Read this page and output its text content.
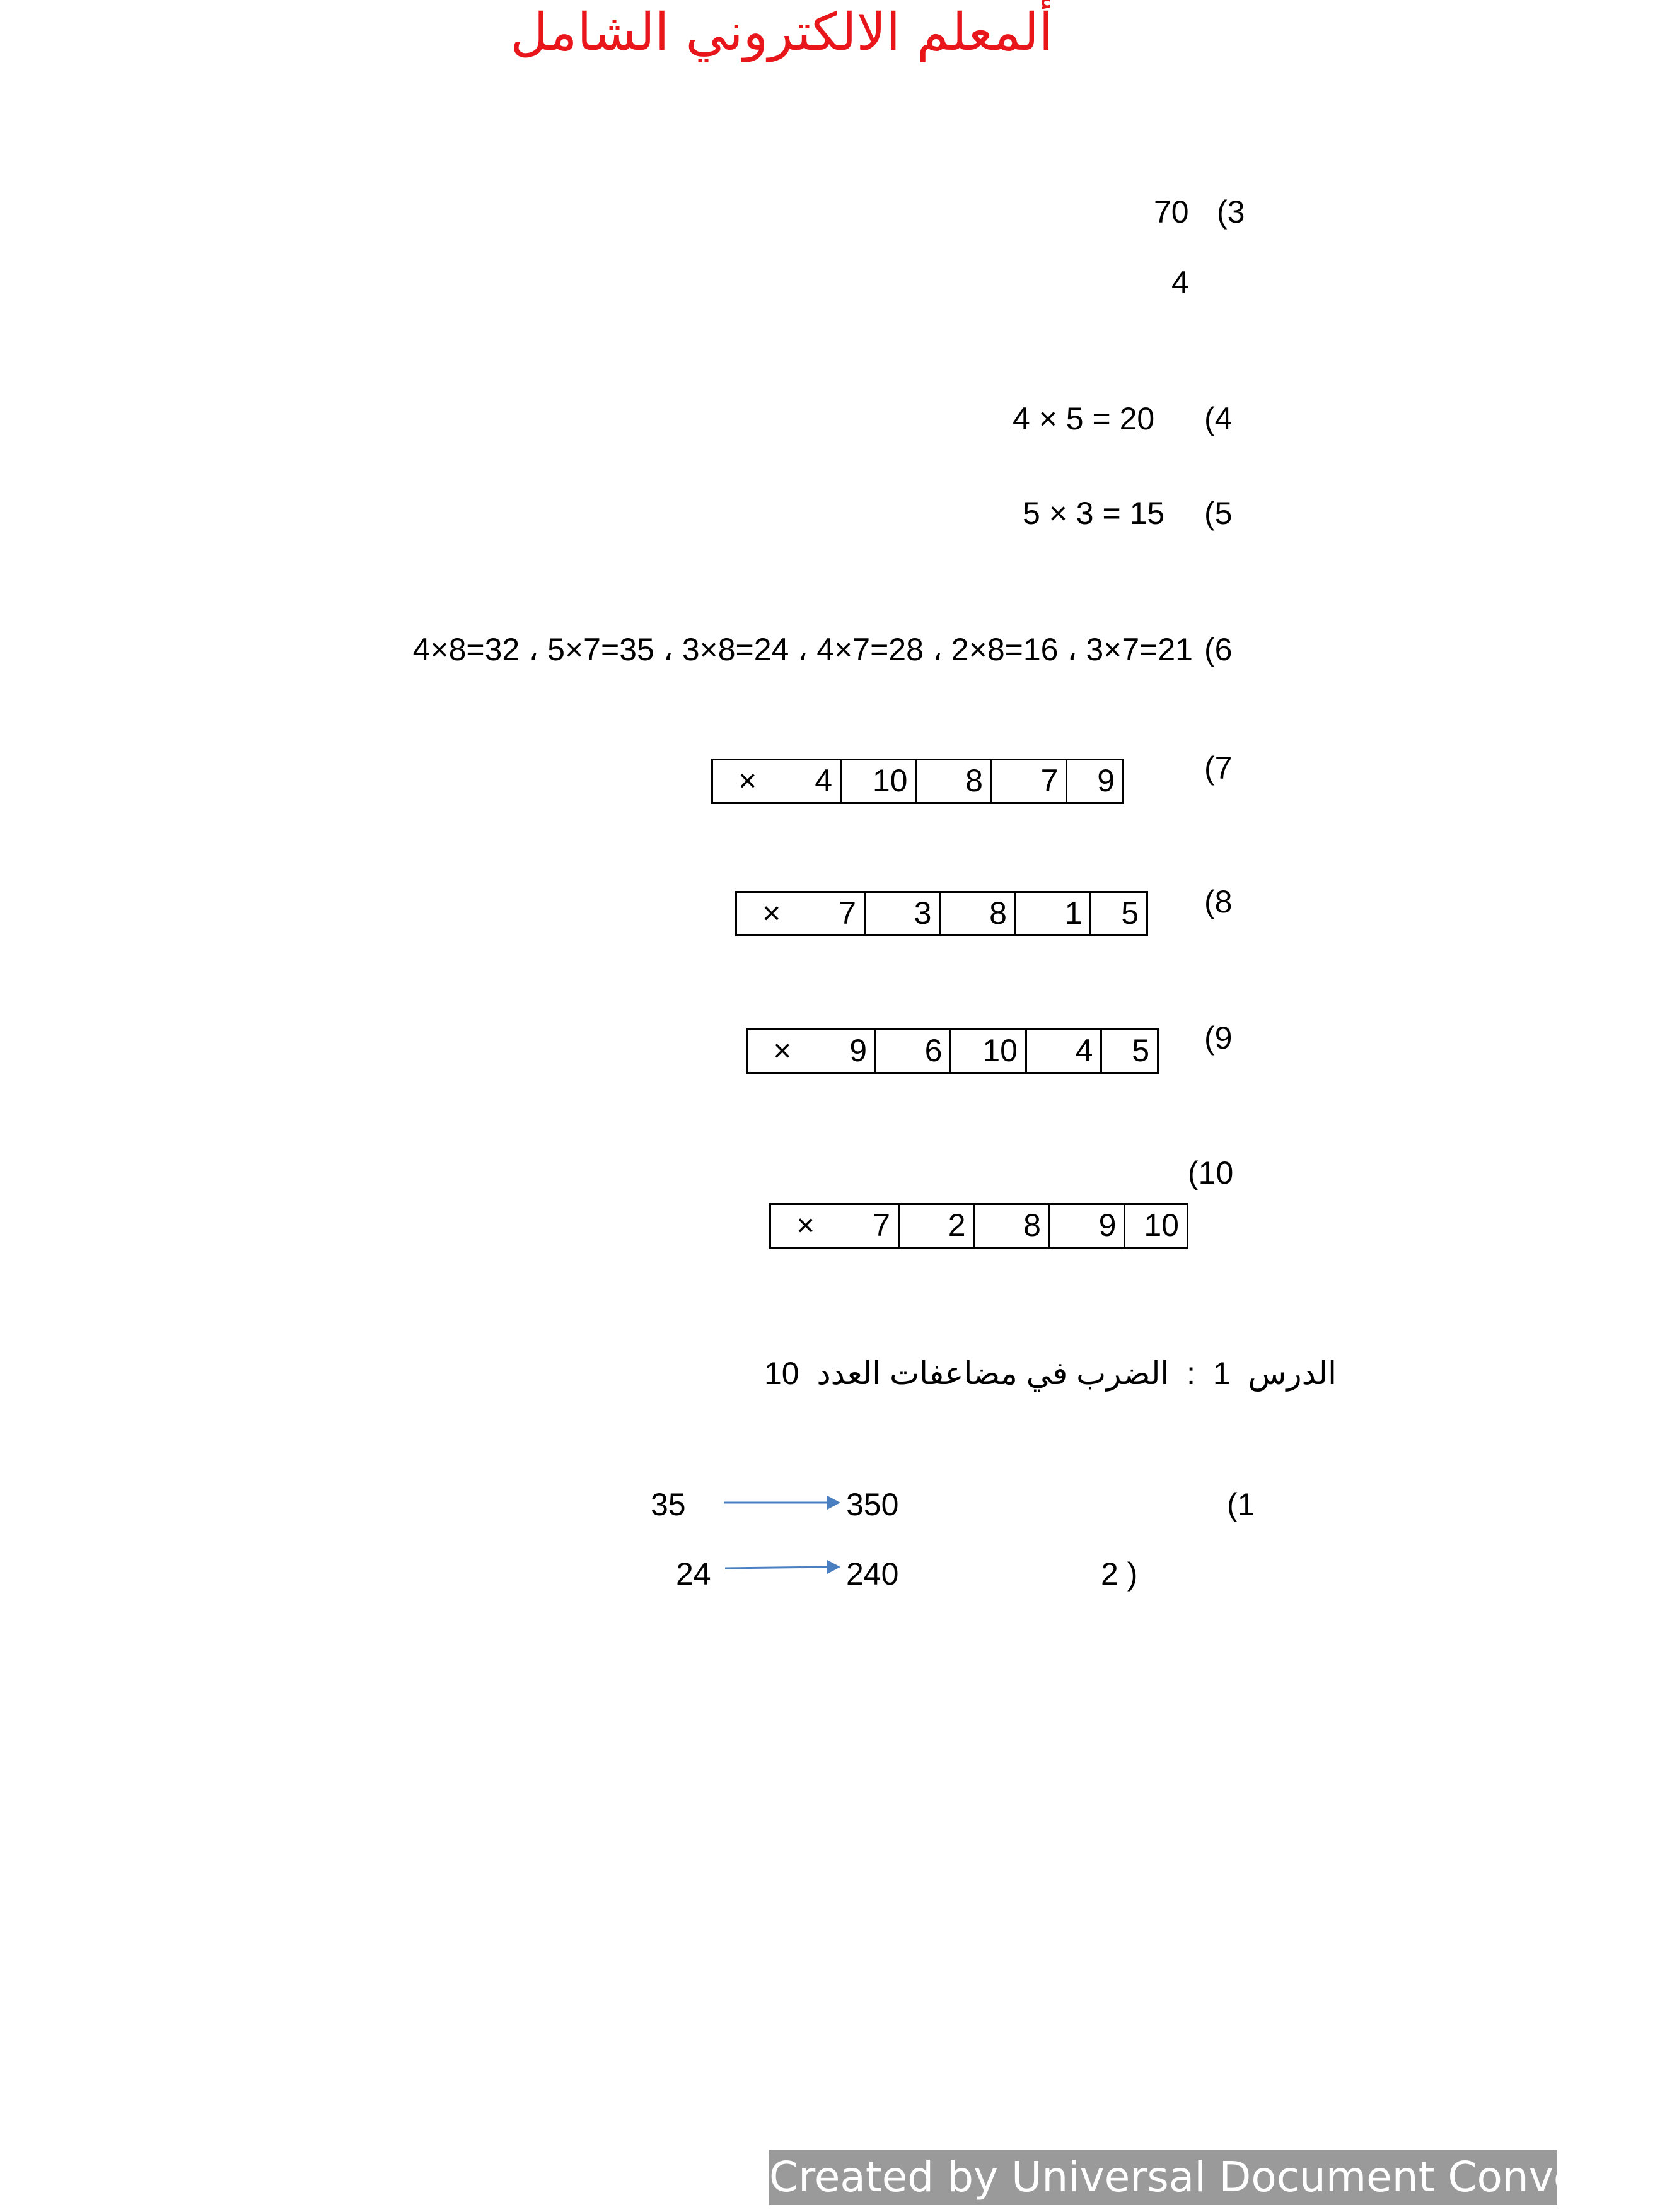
ألمعلم الالكتروني الشامل
(3
70
4
(4
4 × 5 = 20
(5
5 × 3 = 15
(6
4×8=32 ، 5×7=35 ، 3×8=24 ، 4×7=28 ، 2×8=16 ، 3×7=21
(7
9
7
8
10
4
×
(8
5
1
8
3
7
×
(9
5
4
10
6
9
×
(10
10
9
8
2
7
×
الدرس  1  :  الضرب في مضاعفات العدد  10
(1
350
35
2 )
240
24
Created by Universal Document Converter
